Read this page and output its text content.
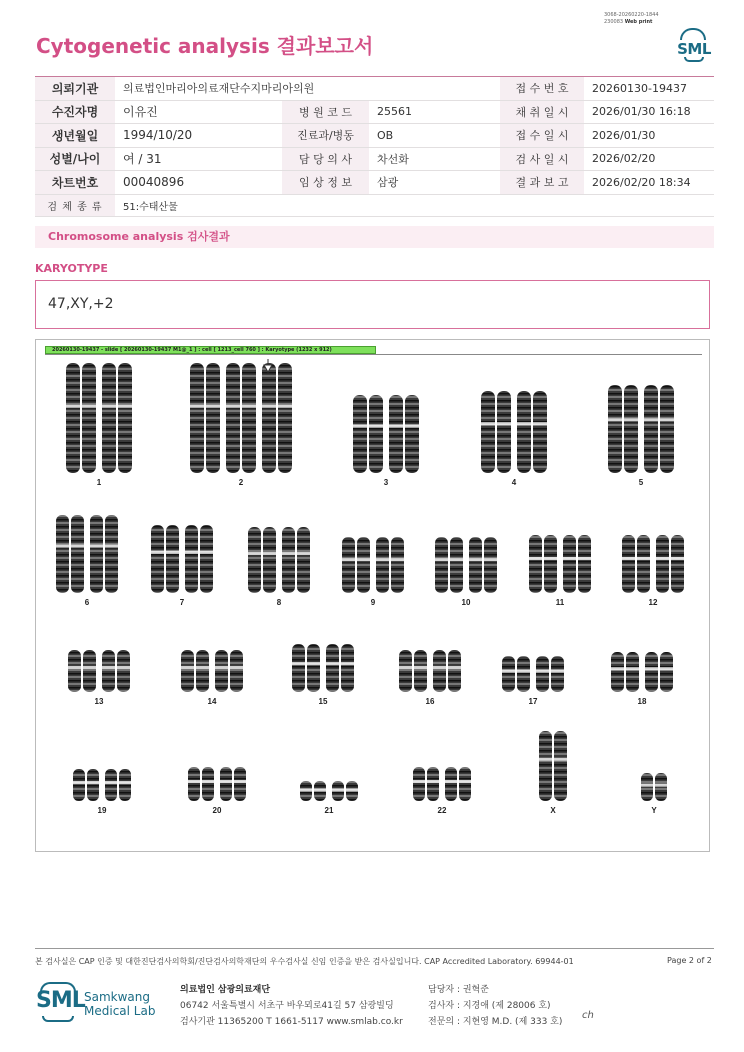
3068-20260220-1844
230083 Web print
Cytogenetic analysis 결과보고서	SML
의뢰기관	의료법인마리아의료재단수지마리아의원			접 수 번 호	20260130-19437
수진자명	이유진	병 원 코 드	25561	채 취 일 시	2026/01/30 16:18
생년월일	1994/10/20	진료과/병동	OB	접 수 일 시	2026/01/30
성별/나이	여 / 31	담 당 의 사	차선화	검 사 일 시	2026/02/20
차트번호	00040896	임 상 정 보	삼광	결 과 보 고	2026/02/20 18:34
검 체 종 류	51:수태산물				
Chromosome analysis 검사결과
KARYOTYPE
47,XY,+2
20260130-19437 - slide [ 20260130-19437 M1@_1 ] : cell [ 1213_cell 760 ] : Karyotype (1232 x 912)
1	2	3	4	5
6	7	8	9	10	11	12
13	14	15	16	17	18
19	20	21	22	X	Y
본 검사실은 CAP 인증 및 대한진단검사의학회/진단검사의학재단의 우수검사실 신임 인증을 받은 검사실입니다. CAP Accredited Laboratory. 69944-01	Page 2 of 2
SML Samkwang
Medical Lab
의료법인 삼광의료재단
06742 서울특별시 서초구 바우뫼로41길 57 삼광빌딩
검사기관 11365200 T 1661-5117 www.smlab.co.kr
담당자 : 권혁준
검사자 : 지경애 (제 28006 호)
전문의 : 지현영 M.D. (제 333 호)
ch
